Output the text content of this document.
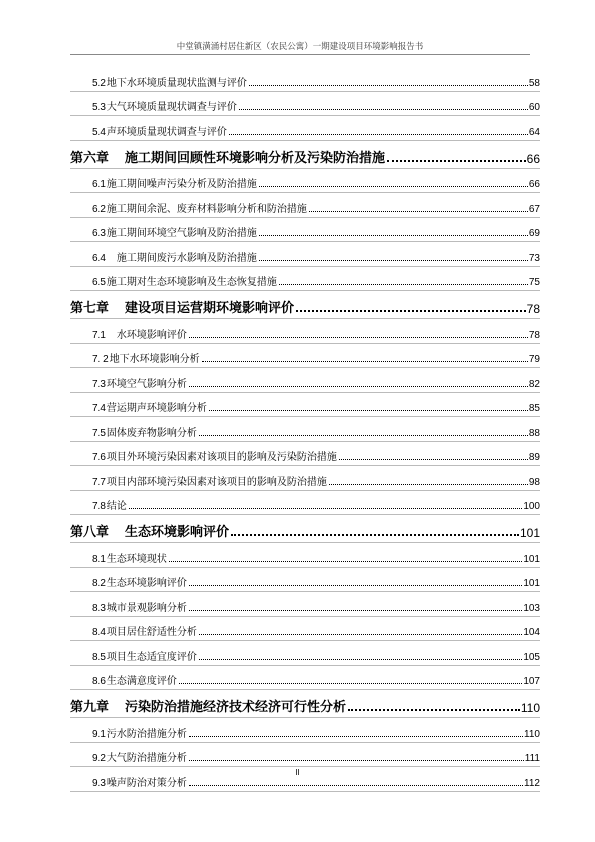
中堂镇潢涌村居住新区（农民公寓）一期建设项目环境影响报告书
5.2地下水环境质量现状监测与评价	58
5.3大气环境质量现状调查与评价	60
5.4声环境质量现状调查与评价	64
第六章 施工期间回顾性环境影响分析及污染防治措施	66
6.1施工期间噪声污染分析及防治措施	66
6.2施工期间余泥、废弃材料影响分析和防治措施	67
6.3施工期间环境空气影响及防治措施	69
6.4　施工期间废污水影响及防治措施	73
6.5施工期对生态环境影响及生态恢复措施	75
第七章 建设项目运营期环境影响评价	78
7.1　水环境影响评价	78
7. 2地下水环境影响分析	79
7.3环境空气影响分析	82
7.4营运期声环境影响分析	85
7.5固体废弃物影响分析	88
7.6项目外环境污染因素对该项目的影响及污染防治措施	89
7.7项目内部环境污染因素对该项目的影响及防治措施	98
7.8结论	100
第八章 生态环境影响评价	101
8.1生态环境现状	101
8.2生态环境影响评价	101
8.3城市景观影响分析	103
8.4项目居住舒适性分析	104
8.5项目生态适宜度评价	105
8.6生态满意度评价	107
第九章 污染防治措施经济技术经济可行性分析	110
9.1污水防治措施分析	110
9.2大气防治措施分析	111
9.3噪声防治对策分析	112
II
